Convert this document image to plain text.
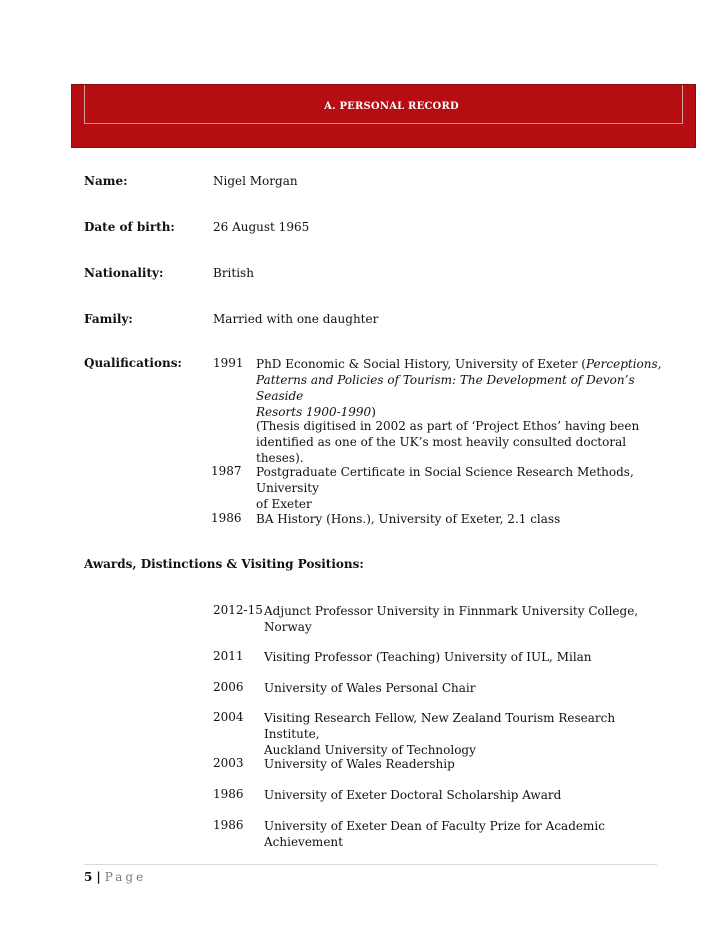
A. PERSONAL RECORD
Name:	Nigel Morgan
Date of birth:	26 August 1965
Nationality:	British
Family:	Married with one daughter
Qualifications:	1991 PhD Economic & Social History, University of Exeter (Perceptions,
Patterns and Policies of Tourism: The Development of Devon’s Seaside
Resorts 1900-1990)
(Thesis digitised in 2002 as part of ‘Project Ethos’ having been
identified as one of the UK’s most heavily consulted doctoral theses).
1987 Postgraduate Certificate in Social Science Research Methods, University
of Exeter
1986 BA History (Hons.), University of Exeter, 2.1 class
Awards, Distinctions & Visiting Positions:
2012-15 Adjunct Professor University in Finnmark University College,
Norway
2011 Visiting Professor (Teaching) University of IUL, Milan
2006 University of Wales Personal Chair
2004 Visiting Research Fellow, New Zealand Tourism Research Institute,
Auckland University of Technology
2003 University of Wales Readership
1986 University of Exeter Doctoral Scholarship Award
1986 University of Exeter Dean of Faculty Prize for Academic Achievement
5 | Page
